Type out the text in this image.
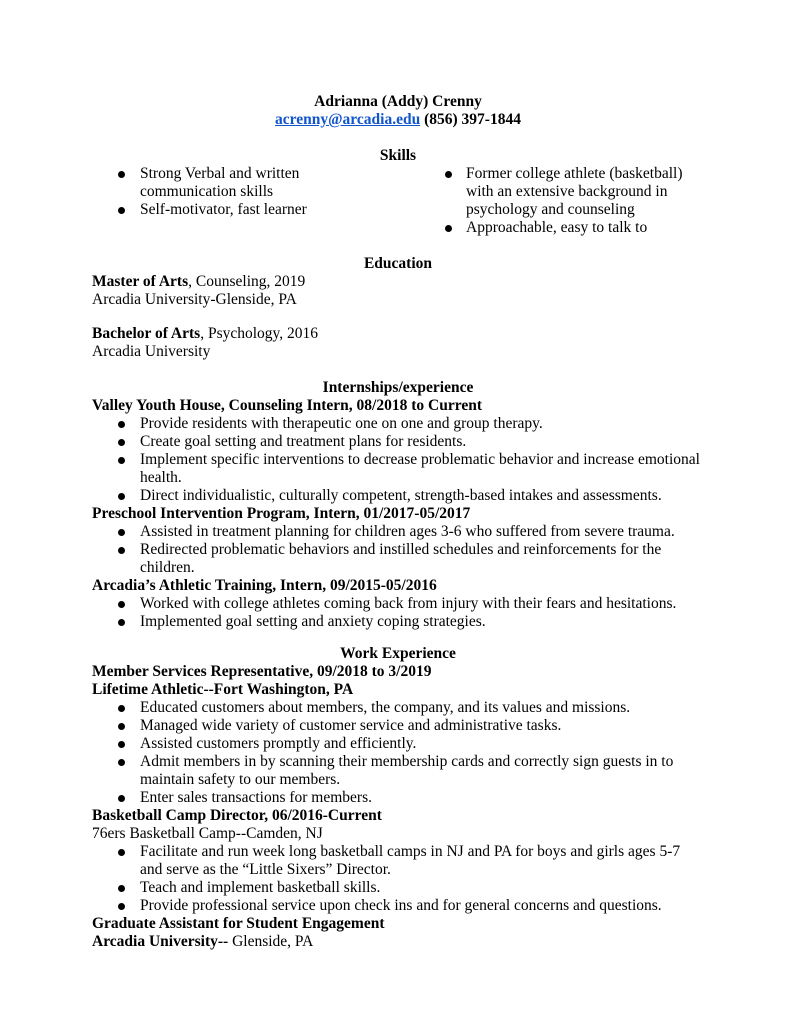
Adrianna (Addy) Crenny
acrenny@arcadia.edu (856) 397-1844
Skills
Strong Verbal and written communication skills
Self-motivator, fast learner
Former college athlete (basketball) with an extensive background in psychology and counseling
Approachable, easy to talk to
Education
Master of Arts, Counseling, 2019
Arcadia University-Glenside, PA
Bachelor of Arts, Psychology, 2016
Arcadia University
Internships/experience
Valley Youth House, Counseling Intern, 08/2018 to Current
Provide residents with therapeutic one on one and group therapy.
Create goal setting and treatment plans for residents.
Implement specific interventions to decrease problematic behavior and increase emotional health.
Direct individualistic, culturally competent, strength-based intakes and assessments.
Preschool Intervention Program, Intern, 01/2017-05/2017
Assisted in treatment planning for children ages 3-6 who suffered from severe trauma.
Redirected problematic behaviors and instilled schedules and reinforcements for the children.
Arcadia’s Athletic Training, Intern, 09/2015-05/2016
Worked with college athletes coming back from injury with their fears and hesitations.
Implemented goal setting and anxiety coping strategies.
Work Experience
Member Services Representative, 09/2018 to 3/2019
Lifetime Athletic--Fort Washington, PA
Educated customers about members, the company, and its values and missions.
Managed wide variety of customer service and administrative tasks.
Assisted customers promptly and efficiently.
Admit members in by scanning their membership cards and correctly sign guests in to maintain safety to our members.
Enter sales transactions for members.
Basketball Camp Director, 06/2016-Current
76ers Basketball Camp--Camden, NJ
Facilitate and run week long basketball camps in NJ and PA for boys and girls ages 5-7 and serve as the “Little Sixers” Director.
Teach and implement basketball skills.
Provide professional service upon check ins and for general concerns and questions.
Graduate Assistant for Student Engagement
Arcadia University-- Glenside, PA
